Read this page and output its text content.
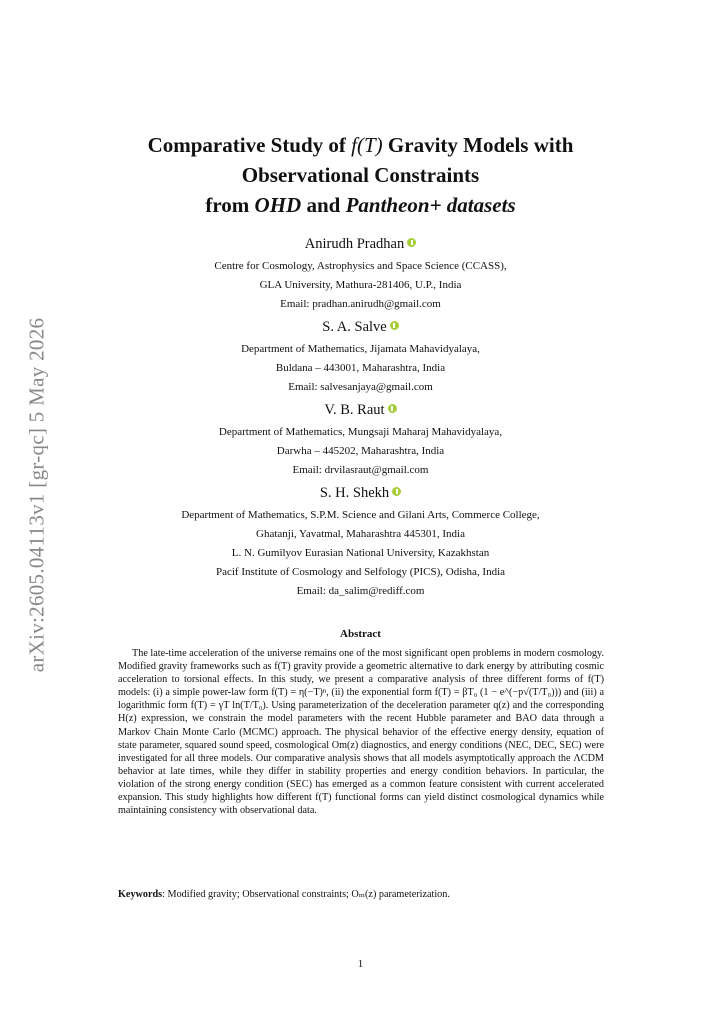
arXiv:2605.04113v1 [gr-qc] 5 May 2026
Comparative Study of f(T) Gravity Models with
Observational Constraints
from OHD and Pantheon+ datasets
Anirudh Pradhan
Centre for Cosmology, Astrophysics and Space Science (CCASS),
GLA University, Mathura-281406, U.P., India
Email: pradhan.anirudh@gmail.com
S. A. Salve
Department of Mathematics, Jijamata Mahavidyalaya,
Buldana – 443001, Maharashtra, India
Email: salvesanjaya@gmail.com
V. B. Raut
Department of Mathematics, Mungsaji Maharaj Mahavidyalaya,
Darwha – 445202, Maharashtra, India
Email: drvilasraut@gmail.com
S. H. Shekh
Department of Mathematics, S.P.M. Science and Gilani Arts, Commerce College,
Ghatanji, Yavatmal, Maharashtra 445301, India
L. N. Gumilyov Eurasian National University, Kazakhstan
Pacif Institute of Cosmology and Selfology (PICS), Odisha, India
Email: da_salim@rediff.com
Abstract

The late-time acceleration of the universe remains one of the most significant open problems in modern cosmology. Modified gravity frameworks such as f(T) gravity provide a geometric alternative to dark energy by attributing cosmic acceleration to torsional effects. In this study, we present a comparative analysis of three different forms of f(T) models: (i) a simple power-law form f(T) = η(−T)ⁿ, (ii) the exponential form f(T) = βT₀ (1 − e^(−p√(T/T₀))) and (iii) a logarithmic form f(T) = γT ln(T/T₀). Using parameterization of the deceleration parameter q(z) and the corresponding H(z) expression, we constrain the model parameters with the recent Hubble parameter and BAO data through a Markov Chain Monte Carlo (MCMC) approach. The physical behavior of the effective energy density, equation of state parameter, squared sound speed, cosmological Om(z) diagnostics, and energy conditions (NEC, DEC, SEC) were investigated for all three models. Our comparative analysis shows that all models asymptotically approach the ΛCDM behavior at late times, while they differ in stability properties and energy condition behaviors. In particular, the violation of the strong energy condition (SEC) has emerged as a common feature consistent with current accelerated expansion. This study highlights how different f(T) functional forms can yield distinct cosmological dynamics while maintaining consistency with observational data.

Keywords: Modified gravity; Observational constraints; Oₘ(z) parameterization.
1
